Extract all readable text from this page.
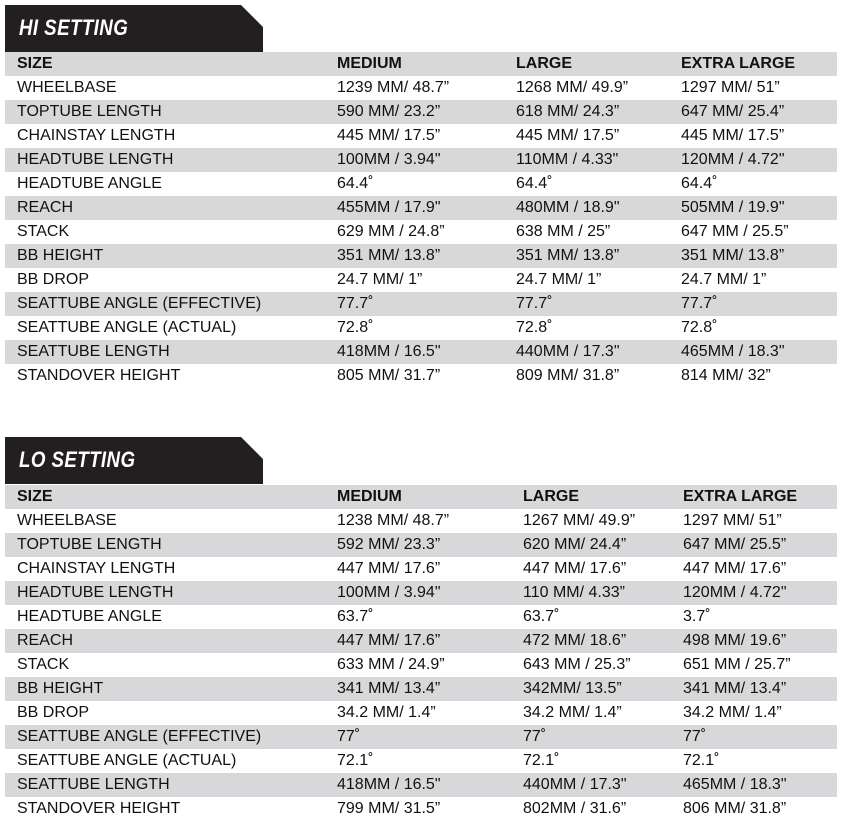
HI SETTING
SIZE	MEDIUM	LARGE	EXTRA LARGE
WHEELBASE	1239 MM/ 48.7”	1268 MM/ 49.9”	1297 MM/ 51”
TOPTUBE LENGTH	590 MM/ 23.2”	618 MM/ 24.3”	647 MM/ 25.4”
CHAINSTAY LENGTH	445 MM/ 17.5”	445 MM/ 17.5”	445 MM/ 17.5”
HEADTUBE LENGTH	100MM / 3.94"	110MM / 4.33"	120MM / 4.72"
HEADTUBE ANGLE	64.4˚	64.4˚	64.4˚
REACH	455MM / 17.9"	480MM / 18.9"	505MM / 19.9"
STACK	629 MM / 24.8”	638 MM / 25”	647 MM / 25.5”
BB HEIGHT	351 MM/ 13.8”	351 MM/ 13.8”	351 MM/ 13.8”
BB DROP	24.7 MM/ 1”	24.7 MM/ 1”	24.7 MM/ 1”
SEATTUBE ANGLE (EFFECTIVE)	77.7˚	77.7˚	77.7˚
SEATTUBE ANGLE (ACTUAL)	72.8˚	72.8˚	72.8˚
SEATTUBE LENGTH	418MM / 16.5"	440MM / 17.3"	465MM / 18.3"
STANDOVER HEIGHT	805 MM/ 31.7”	809 MM/ 31.8”	814 MM/ 32”
LO SETTING
SIZE	MEDIUM	LARGE	EXTRA LARGE
WHEELBASE	1238 MM/ 48.7”	1267 MM/ 49.9”	1297 MM/ 51”
TOPTUBE LENGTH	592 MM/ 23.3”	620 MM/ 24.4”	647 MM/ 25.5”
CHAINSTAY LENGTH	447 MM/ 17.6”	447 MM/ 17.6”	447 MM/ 17.6”
HEADTUBE LENGTH	100MM / 3.94"	110 MM/ 4.33”	120MM / 4.72"
HEADTUBE ANGLE	63.7˚	63.7˚	3.7˚
REACH	447 MM/ 17.6”	472 MM/ 18.6”	498 MM/ 19.6”
STACK	633 MM / 24.9”	643 MM / 25.3”	651 MM / 25.7”
BB HEIGHT	341 MM/ 13.4”	342MM/ 13.5”	341 MM/ 13.4”
BB DROP	34.2 MM/ 1.4”	34.2 MM/ 1.4”	34.2 MM/ 1.4”
SEATTUBE ANGLE (EFFECTIVE)	77˚	77˚	77˚
SEATTUBE ANGLE (ACTUAL)	72.1˚	72.1˚	72.1˚
SEATTUBE LENGTH	418MM / 16.5"	440MM / 17.3"	465MM / 18.3"
STANDOVER HEIGHT	799 MM/ 31.5”	802MM / 31.6”	806 MM/ 31.8”
